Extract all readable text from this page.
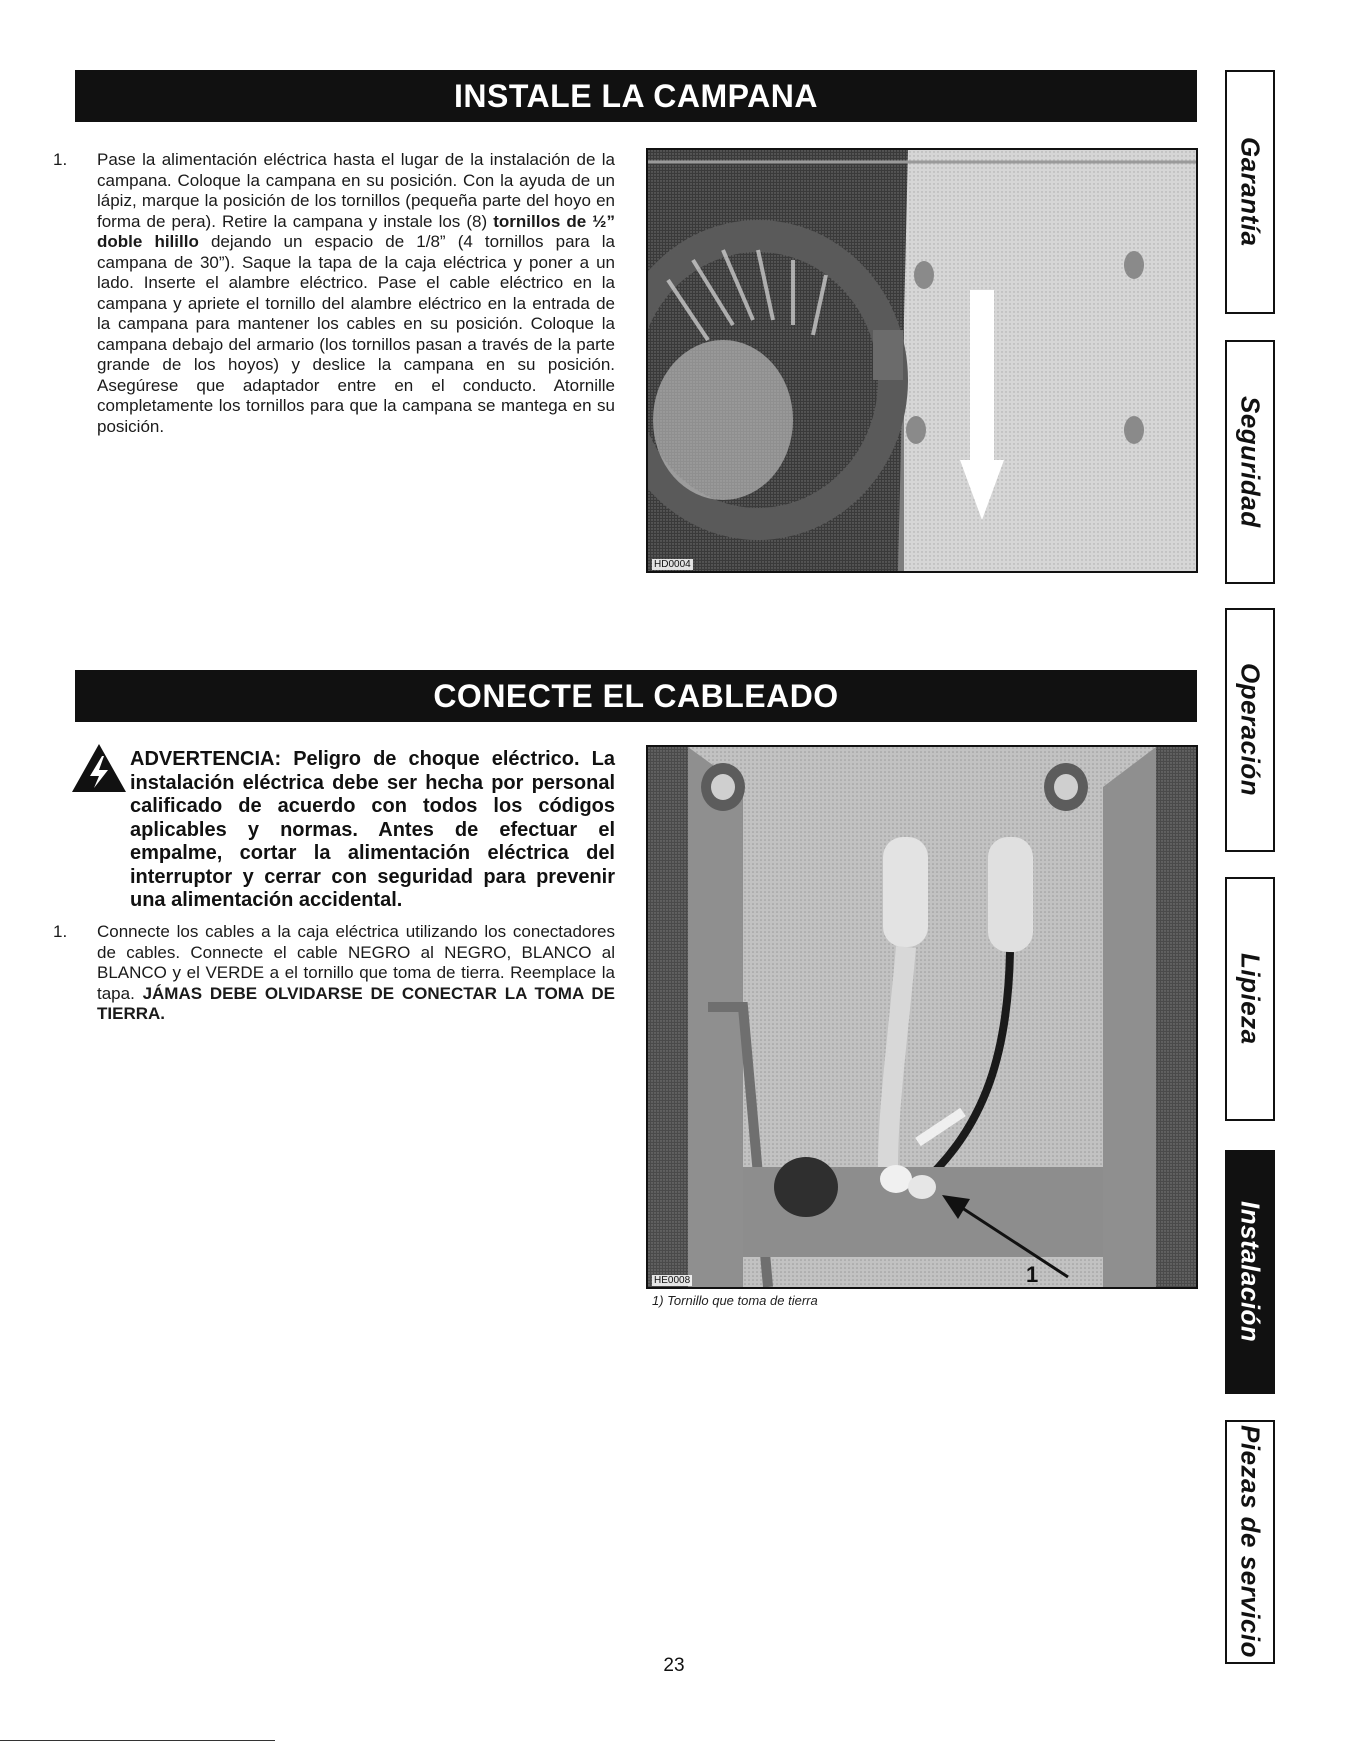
INSTALE LA CAMPANA

1. Pase la alimentación eléctrica hasta el lugar de la instalación de la campana. Coloque la campana en su posición. Con la ayuda de un lápiz, marque la posición de los tornillos (pequeña parte del hoyo en forma de pera). Retire la campana y instale los (8) tornillos de ½” doble hilillo dejando un espacio de 1/8” (4 tornillos para la campana de 30”). Saque la tapa de la caja eléctrica y poner a un lado. Inserte el alambre eléctrico. Pase el cable eléctrico en la campana y apriete el tornillo del alambre eléctrico en la entrada de la campana para mantener los cables en su posición. Coloque la campana debajo del armario (los tornillos pasan a través de la parte grande de los hoyos) y deslice la campana en su posición. Asegúrese que adaptador entre en el conducto. Atornille completamente los tornillos para que la campana se mantega en su posición.

HD0004
CONECTE EL CABLEADO
ADVERTENCIA: Peligro de choque eléctrico. La instalación eléctrica debe ser hecha por personal calificado de acuerdo con todos los códigos aplicables y normas. Antes de efectuar el empalme, cortar la alimentación eléctrica del interruptor y cerrar con seguridad para prevenir una alimentación accidental.

1. Connecte los cables a la caja eléctrica utilizando los conectadores de cables. Connecte el cable NEGRO al NEGRO, BLANCO al BLANCO y el VERDE a el tornillo que toma de tierra. Reemplace la tapa. JÁMAS DEBE OLVIDARSE DE CONECTAR LA TOMA DE TIERRA.

HE0008	1
1) Tornillo que toma de tierra
Garantía
Seguridad
Operación
Lipieza
Instalación
Piezas de servicio
23
